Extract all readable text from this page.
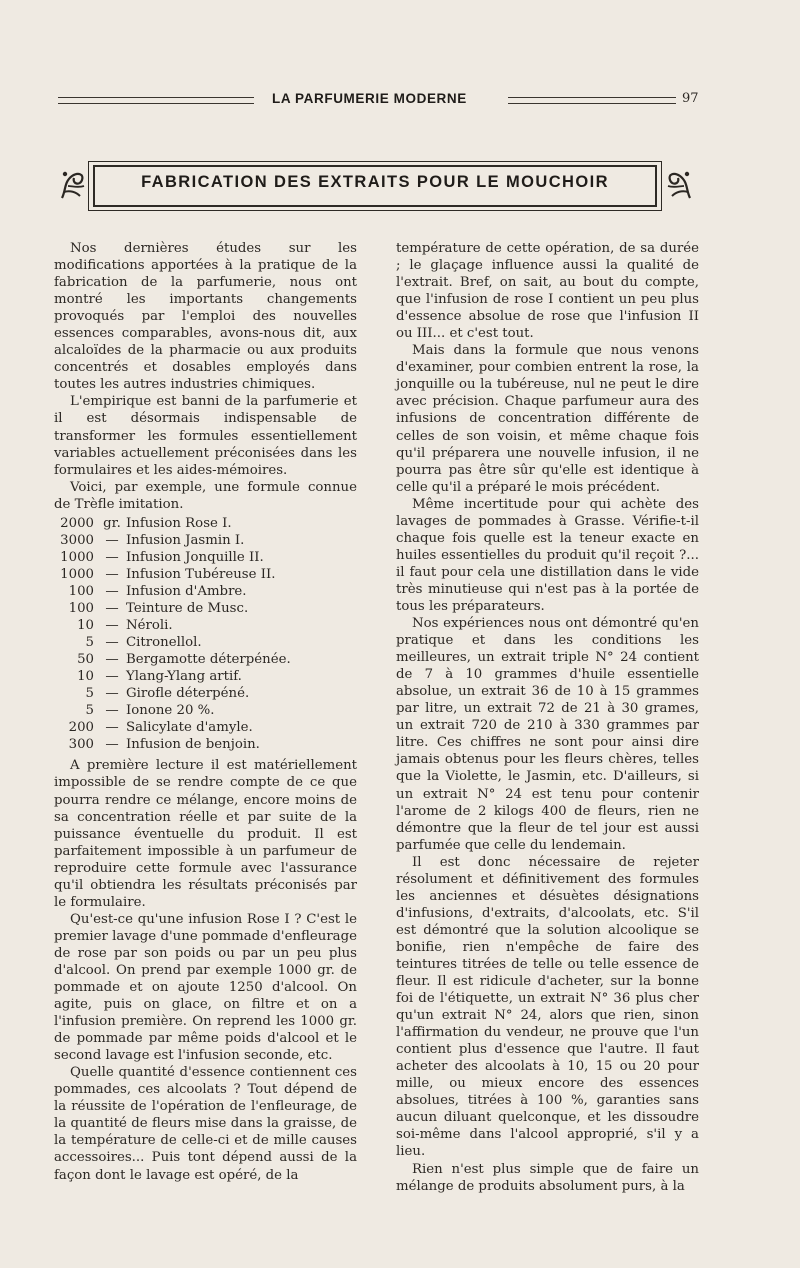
LA PARFUMERIE MODERNE	97
FABRICATION DES EXTRAITS POUR LE MOUCHOIR

Nos dernières études sur les modifications apportées à la pratique de la fabrication de la parfumerie, nous ont montré les importants changements provoqués par l'emploi des nouvelles essences comparables, avons-nous dit, aux alcaloïdes de la pharmacie ou aux produits concentrés et dosables employés dans toutes les autres industries chimiques.

L'empirique est banni de la parfumerie et il est désormais indispensable de transformer les formules essentiellement variables actuellement préconisées dans les formulaires et les aides-mémoires.

Voici, par exemple, une formule connue de Trèfle imitation.

2000 gr. Infusion Rose I.
3000 — Infusion Jasmin I.
1000 — Infusion Jonquille II.
1000 — Infusion Tubéreuse II.
100 — Infusion d'Ambre.
100 — Teinture de Musc.
10 — Néroli.
5 — Citronellol.
50 — Bergamotte déterpénée.
10 — Ylang-Ylang artif.
5 — Girofle déterpéné.
5 — Ionone 20 %.
200 — Salicylate d'amyle.
300 — Infusion de benjoin.

A première lecture il est matériellement impossible de se rendre compte de ce que pourra rendre ce mélange, encore moins de sa concentration réelle et par suite de la puissance éventuelle du produit. Il est parfaitement impossible à un parfumeur de reproduire cette formule avec l'assurance qu'il obtiendra les résultats préconisés par le formulaire.

Qu'est-ce qu'une infusion Rose I ? C'est le premier lavage d'une pommade d'enfleurage de rose par son poids ou par un peu plus d'alcool. On prend par exemple 1000 gr. de pommade et on ajoute 1250 d'alcool. On agite, puis on glace, on filtre et on a l'infusion première. On reprend les 1000 gr. de pommade par même poids d'alcool et le second lavage est l'infusion seconde, etc.

Quelle quantité d'essence contiennent ces pommades, ces alcoolats ? Tout dépend de la réussite de l'opération de l'enfleurage, de la quantité de fleurs mise dans la graisse, de la température de celle-ci et de mille causes accessoires... Puis tont dépend aussi de la façon dont le lavage est opéré, de la

température de cette opération, de sa durée ; le glaçage influence aussi la qualité de l'extrait. Bref, on sait, au bout du compte, que l'infusion de rose I contient un peu plus d'essence absolue de rose que l'infusion II ou III... et c'est tout.

Mais dans la formule que nous venons d'examiner, pour combien entrent la rose, la jonquille ou la tubéreuse, nul ne peut le dire avec précision. Chaque parfumeur aura des infusions de concentration différente de celles de son voisin, et même chaque fois qu'il préparera une nouvelle infusion, il ne pourra pas être sûr qu'elle est identique à celle qu'il a préparé le mois précédent.

Même incertitude pour qui achète des lavages de pommades à Grasse. Vérifie-t-il chaque fois quelle est la teneur exacte en huiles essentielles du produit qu'il reçoit ?... il faut pour cela une distillation dans le vide très minutieuse qui n'est pas à la portée de tous les préparateurs.

Nos expériences nous ont démontré qu'en pratique et dans les conditions les meilleures, un extrait triple N° 24 contient de 7 à 10 grammes d'huile essentielle absolue, un extrait 36 de 10 à 15 grammes par litre, un extrait 72 de 21 à 30 grames, un extrait 720 de 210 à 330 grammes par litre. Ces chiffres ne sont pour ainsi dire jamais obtenus pour les fleurs chères, telles que la Violette, le Jasmin, etc. D'ailleurs, si un extrait N° 24 est tenu pour contenir l'arome de 2 kilogs 400 de fleurs, rien ne démontre que la fleur de tel jour est aussi parfumée que celle du lendemain.

Il est donc nécessaire de rejeter résolument et définitivement des formules les anciennes et désuètes désignations d'infusions, d'extraits, d'alcoolats, etc. S'il est démontré que la solution alcoolique se bonifie, rien n'empêche de faire des teintures titrées de telle ou telle essence de fleur. Il est ridicule d'acheter, sur la bonne foi de l'étiquette, un extrait N° 36 plus cher qu'un extrait N° 24, alors que rien, sinon l'affirmation du vendeur, ne prouve que l'un contient plus d'essence que l'autre. Il faut acheter des alcoolats à 10, 15 ou 20 pour mille, ou mieux encore des essences absolues, titrées à 100 %, garanties sans aucun diluant quelconque, et les dissoudre soi-même dans l'alcool approprié, s'il y a lieu.

Rien n'est plus simple que de faire un mélange de produits absolument purs, à la
